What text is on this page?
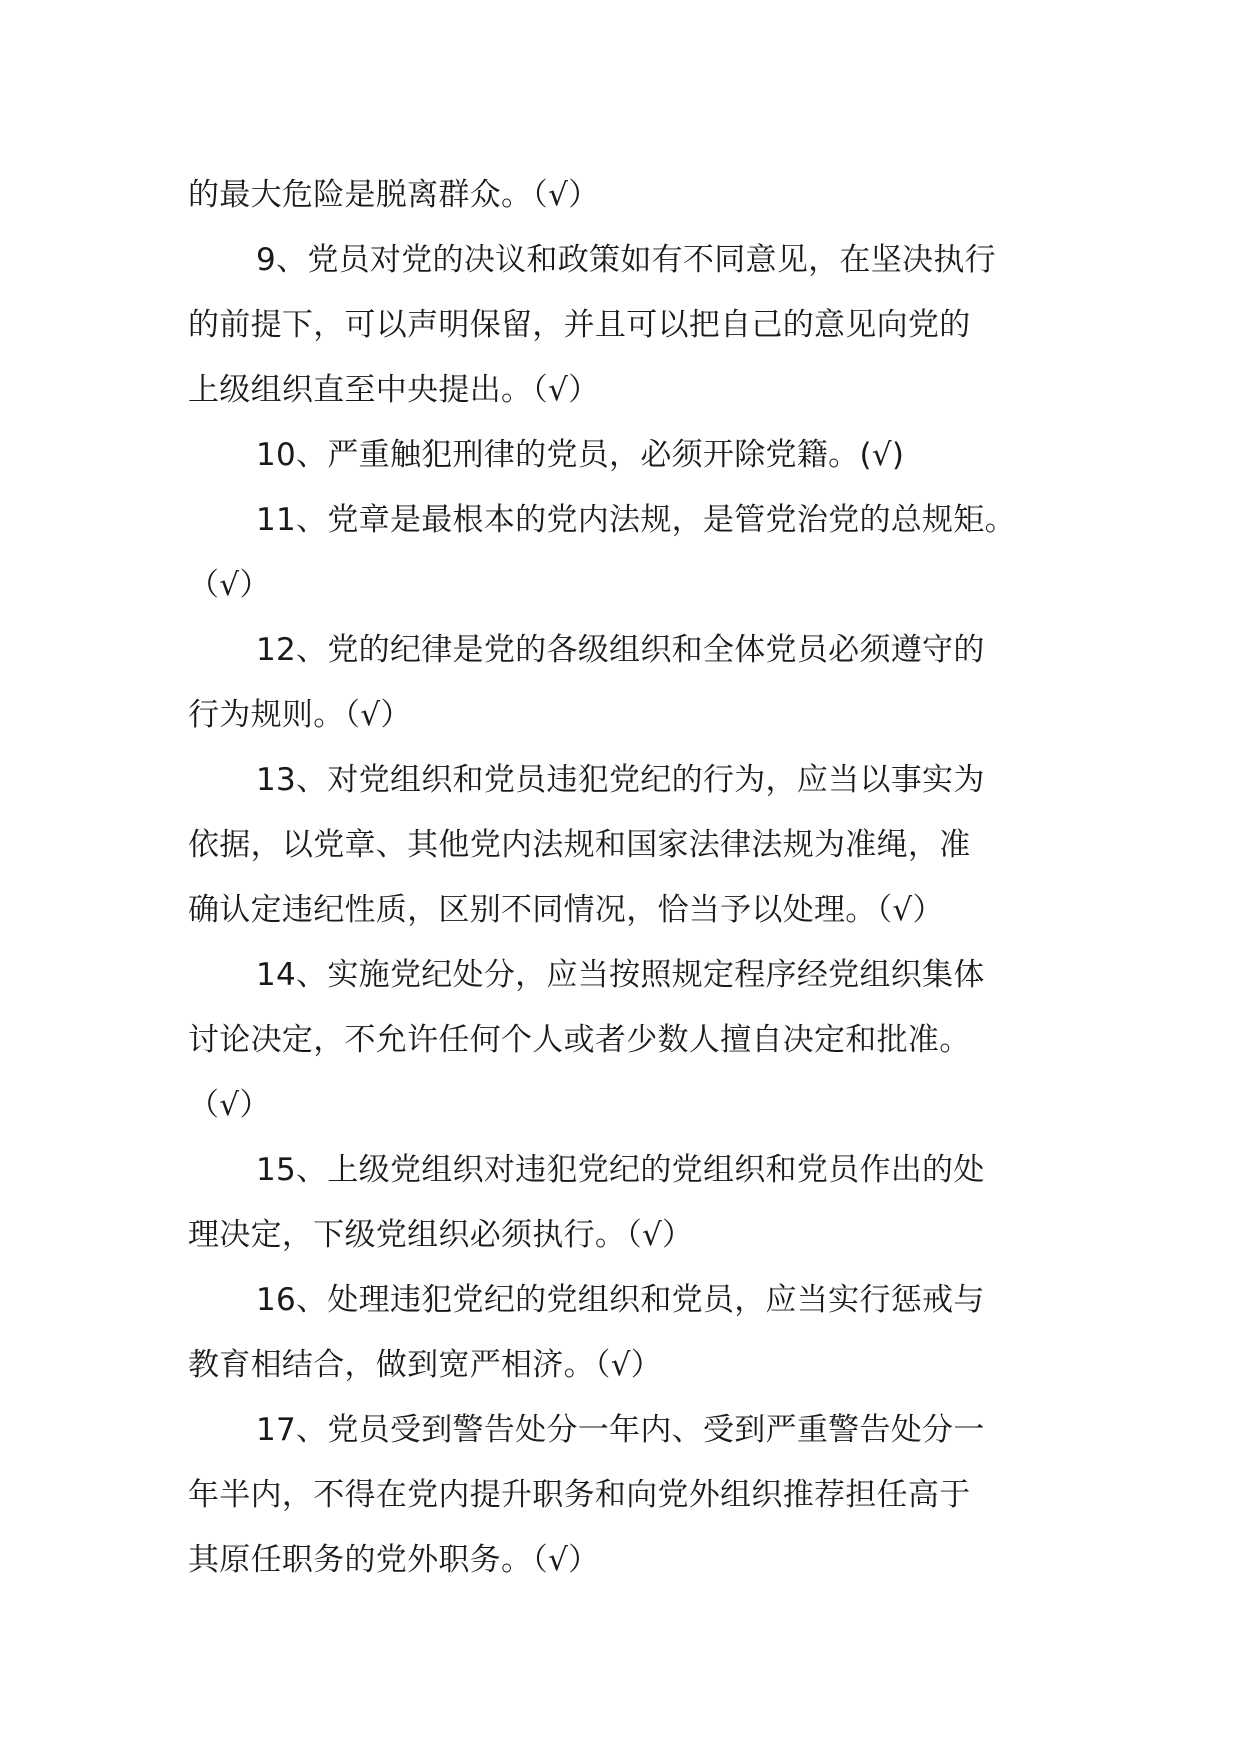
的最大危险是脱离群众。（√）
9、党员对党的决议和政策如有不同意见，在坚决执行
的前提下，可以声明保留，并且可以把自己的意见向党的
上级组织直至中央提出。（√）
10、严重触犯刑律的党员，必须开除党籍。(√)
11、党章是最根本的党内法规，是管党治党的总规矩。
（√）
12、党的纪律是党的各级组织和全体党员必须遵守的
行为规则。（√）
13、对党组织和党员违犯党纪的行为，应当以事实为
依据，以党章、其他党内法规和国家法律法规为准绳，准
确认定违纪性质，区别不同情况，恰当予以处理。（√）
14、实施党纪处分，应当按照规定程序经党组织集体
讨论决定，不允许任何个人或者少数人擅自决定和批准。
（√）
15、上级党组织对违犯党纪的党组织和党员作出的处
理决定，下级党组织必须执行。（√）
16、处理违犯党纪的党组织和党员，应当实行惩戒与
教育相结合，做到宽严相济。（√）
17、党员受到警告处分一年内、受到严重警告处分一
年半内，不得在党内提升职务和向党外组织推荐担任高于
其原任职务的党外职务。（√）
